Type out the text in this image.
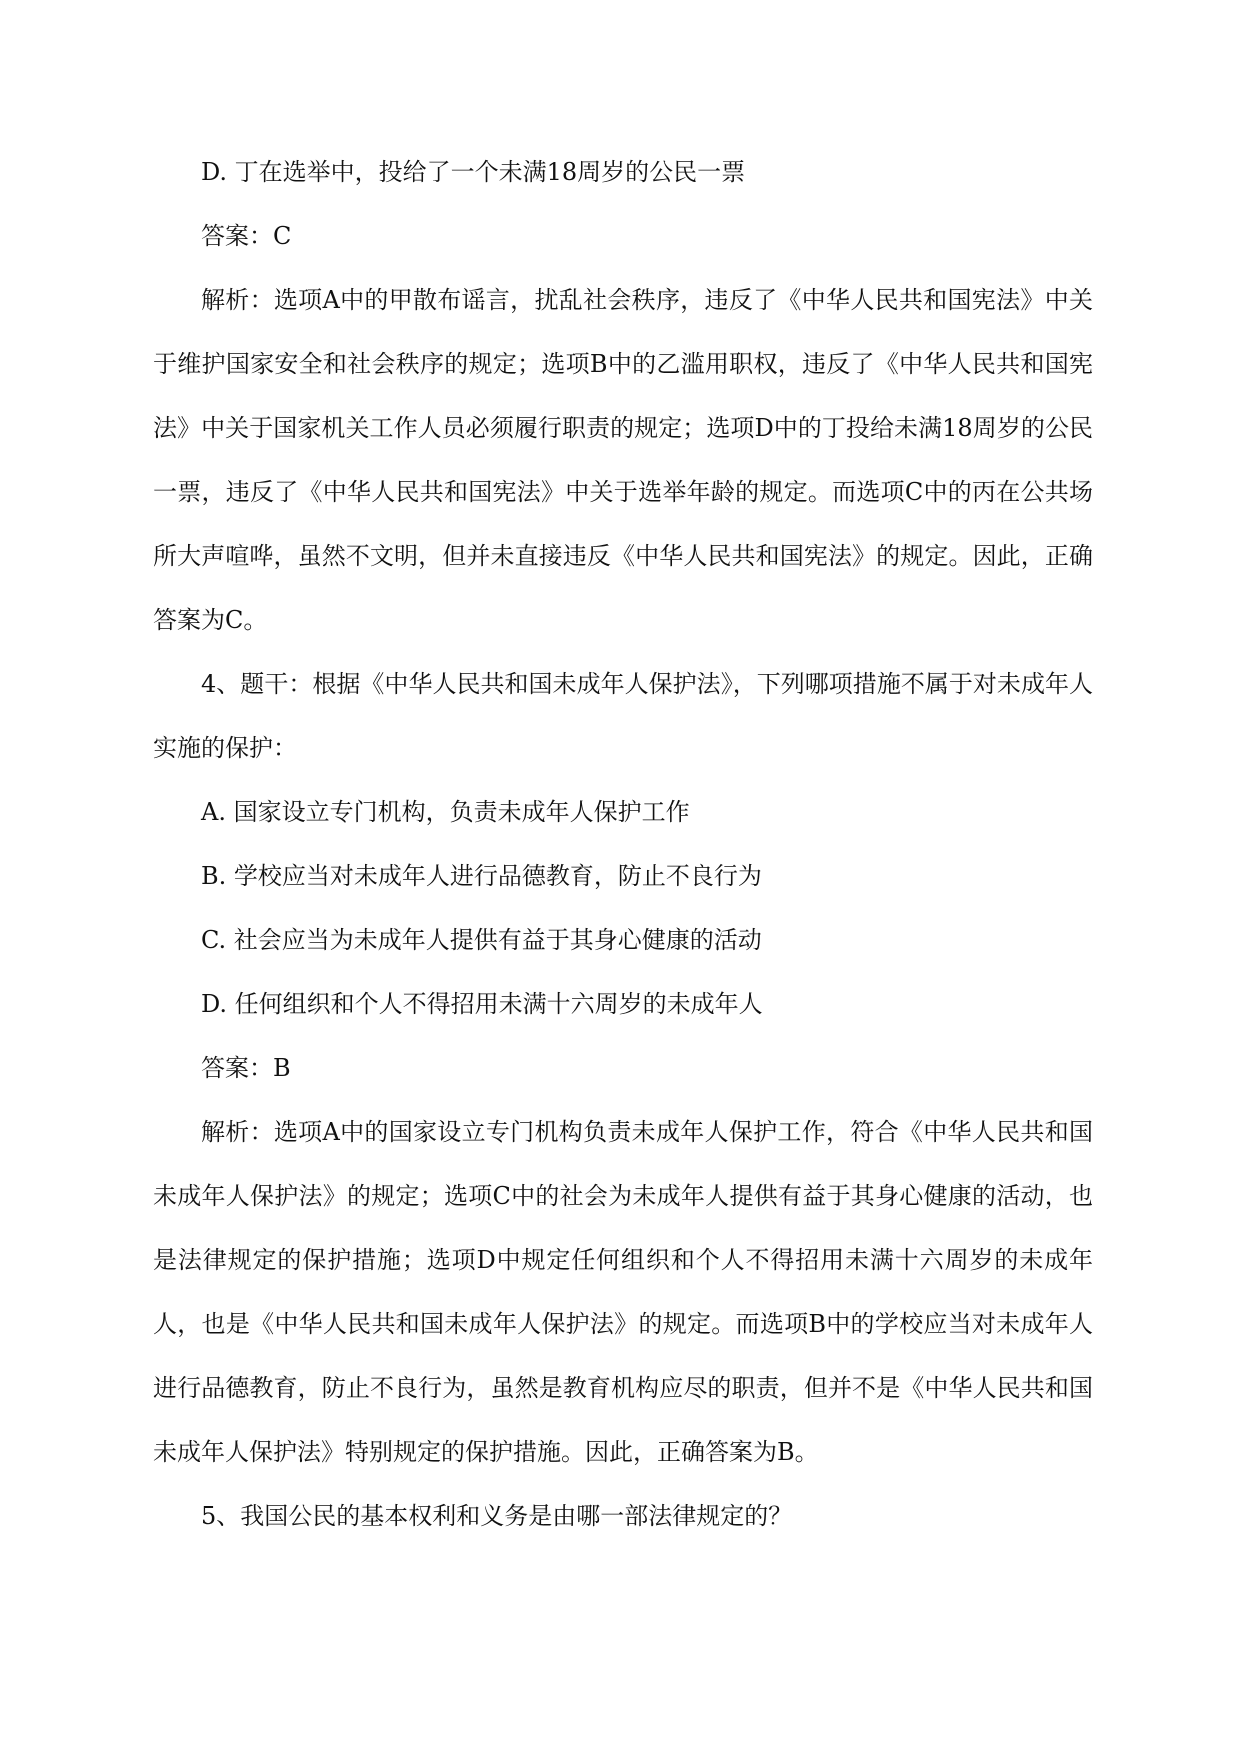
D. 丁在选举中，投给了一个未满18周岁的公民一票

答案：C

解析：选项A中的甲散布谣言，扰乱社会秩序，违反了《中华人民共和国宪法》中关于维护国家安全和社会秩序的规定；选项B中的乙滥用职权，违反了《中华人民共和国宪法》中关于国家机关工作人员必须履行职责的规定；选项D中的丁投给未满18周岁的公民一票，违反了《中华人民共和国宪法》中关于选举年龄的规定。而选项C中的丙在公共场所大声喧哗，虽然不文明，但并未直接违反《中华人民共和国宪法》的规定。因此，正确答案为C。

4、题干：根据《中华人民共和国未成年人保护法》，下列哪项措施不属于对未成年人实施的保护：

A. 国家设立专门机构，负责未成年人保护工作

B. 学校应当对未成年人进行品德教育，防止不良行为

C. 社会应当为未成年人提供有益于其身心健康的活动

D. 任何组织和个人不得招用未满十六周岁的未成年人

答案：B

解析：选项A中的国家设立专门机构负责未成年人保护工作，符合《中华人民共和国未成年人保护法》的规定；选项C中的社会为未成年人提供有益于其身心健康的活动，也是法律规定的保护措施；选项D中规定任何组织和个人不得招用未满十六周岁的未成年人，也是《中华人民共和国未成年人保护法》的规定。而选项B中的学校应当对未成年人进行品德教育，防止不良行为，虽然是教育机构应尽的职责，但并不是《中华人民共和国未成年人保护法》特别规定的保护措施。因此，正确答案为B。

5、我国公民的基本权利和义务是由哪一部法律规定的？
